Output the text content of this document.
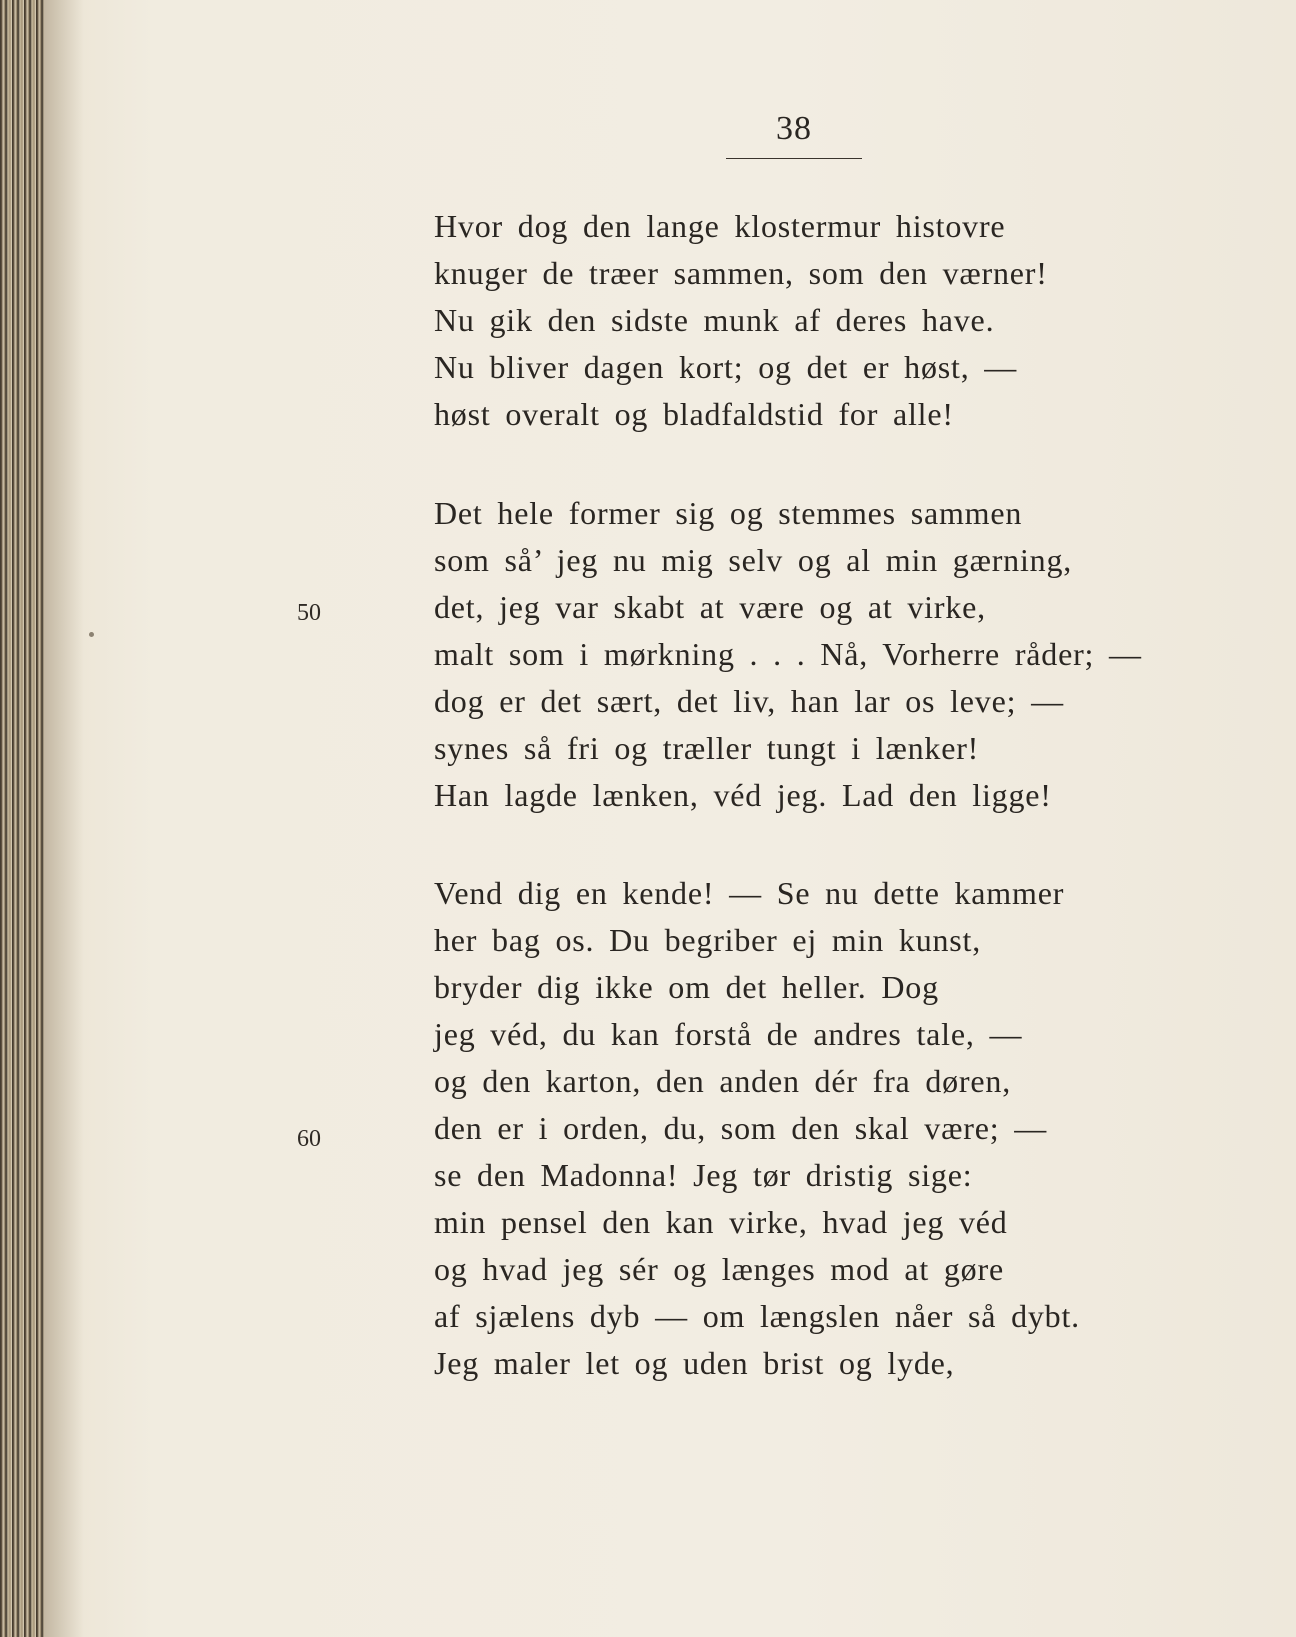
38
Hvor dog den lange klostermur histovre
knuger de træer sammen, som den værner!
Nu gik den sidste munk af deres have.
Nu bliver dagen kort; og det er høst, —
høst overalt og bladfaldstid for alle!
Det hele former sig og stemmes sammen
som så’ jeg nu mig selv og al min gærning,
det, jeg var skabt at være og at virke,
malt som i mørkning . . . Nå, Vorherre råder; —
dog er det sært, det liv, han lar os leve; —
synes så fri og træller tungt i lænker!
Han lagde lænken, véd jeg. Lad den ligge!
Vend dig en kende! — Se nu dette kammer
her bag os. Du begriber ej min kunst,
bryder dig ikke om det heller. Dog
jeg véd, du kan forstå de andres tale, —
og den karton, den anden dér fra døren,
den er i orden, du, som den skal være; —
se den Madonna! Jeg tør dristig sige:
min pensel den kan virke, hvad jeg véd
og hvad jeg sér og længes mod at gøre
af sjælens dyb — om længslen nåer så dybt.
Jeg maler let og uden brist og lyde,
50
60
